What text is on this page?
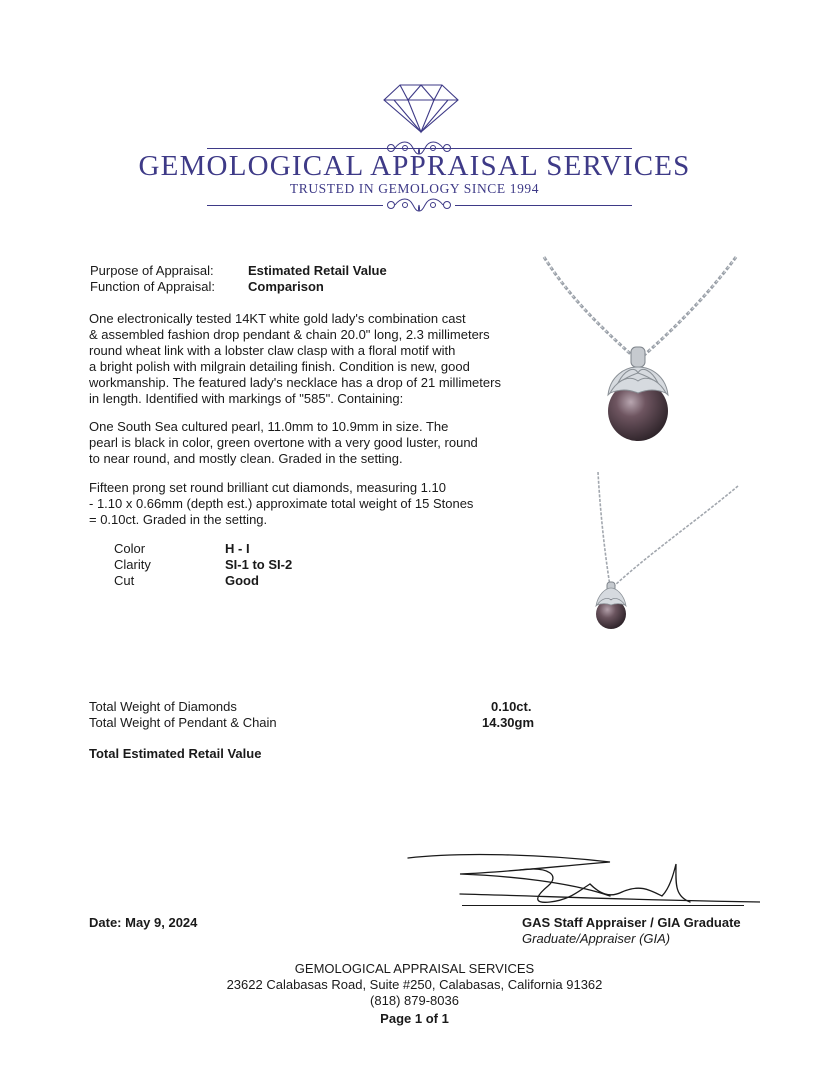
GEMOLOGICAL APPRAISAL SERVICES
TRUSTED IN GEMOLOGY SINCE 1994
Purpose of Appraisal:	Estimated Retail Value
Function of Appraisal:	Comparison
One electronically tested 14KT white gold lady's combination cast
& assembled fashion drop pendant & chain 20.0" long, 2.3 millimeters
round wheat link with a lobster claw clasp with a floral motif with
a bright polish with milgrain detailing finish. Condition is new, good
workmanship. The featured lady's necklace has a drop of 21 millimeters
in length. Identified with markings of "585". Containing:
One South Sea cultured pearl, 11.0mm to 10.9mm in size. The
pearl is black in color, green overtone with a very good luster, round
to near round, and mostly clean. Graded in the setting.
Fifteen prong set round brilliant cut diamonds, measuring 1.10
- 1.10 x 0.66mm (depth est.) approximate total weight of 15 Stones
= 0.10ct. Graded in the setting.
Color	H - I
Clarity	SI-1 to SI-2
Cut	Good
Total Weight of Diamonds	0.10ct.
Total Weight of Pendant & Chain	14.30gm
Total Estimated Retail Value
Date: May 9, 2024	GAS Staff Appraiser / GIA Graduate
Graduate/Appraiser (GIA)
GEMOLOGICAL APPRAISAL SERVICES
23622 Calabasas Road, Suite #250, Calabasas, California 91362
(818) 879-8036
Page 1 of 1
